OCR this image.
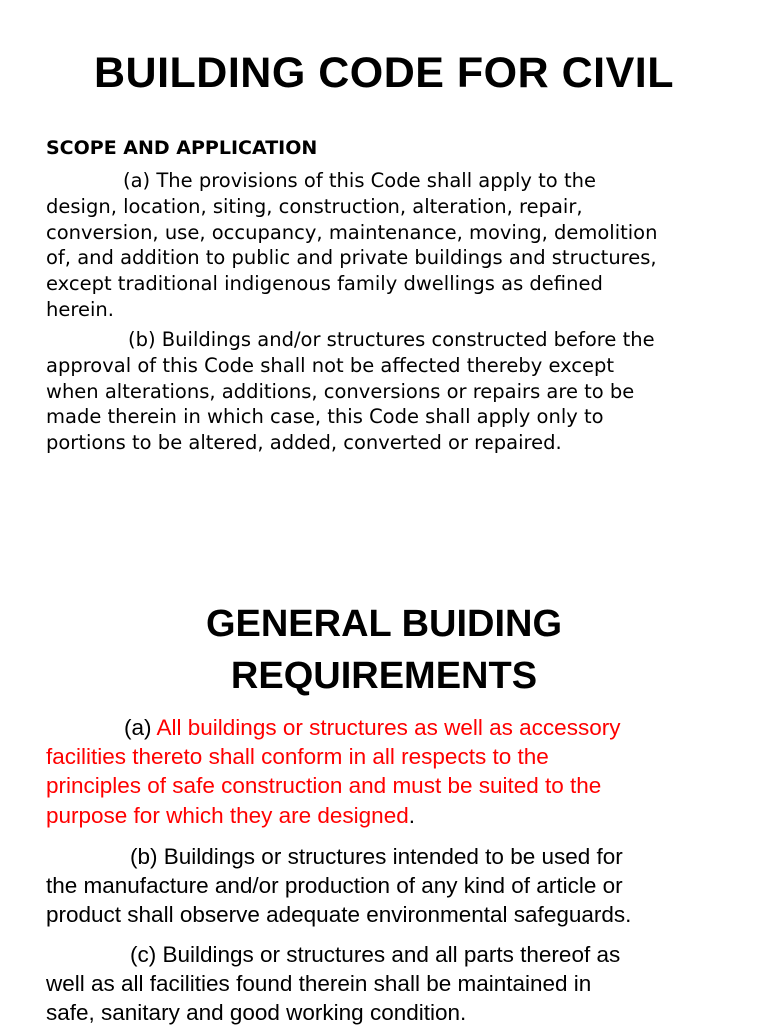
BUILDING CODE FOR CIVIL
SCOPE AND APPLICATION
(a) The provisions of this Code shall apply to the
design, location, siting, construction, alteration, repair,
conversion, use, occupancy, maintenance, moving, demolition
of, and addition to public and private buildings and structures,
except traditional indigenous family dwellings as defined
herein.
(b) Buildings and/or structures constructed before the
approval of this Code shall not be affected thereby except
when alterations, additions, conversions or repairs are to be
made therein in which case, this Code shall apply only to
portions to be altered, added, converted or repaired.
GENERAL BUIDING
REQUIREMENTS
(a) All buildings or structures as well as accessory
facilities thereto shall conform in all respects to the
principles of safe construction and must be suited to the
purpose for which they are designed.
(b) Buildings or structures intended to be used for
the manufacture and/or production of any kind of article or
product shall observe adequate environmental safeguards.
(c) Buildings or structures and all parts thereof as
well as all facilities found therein shall be maintained in
safe, sanitary and good working condition.
